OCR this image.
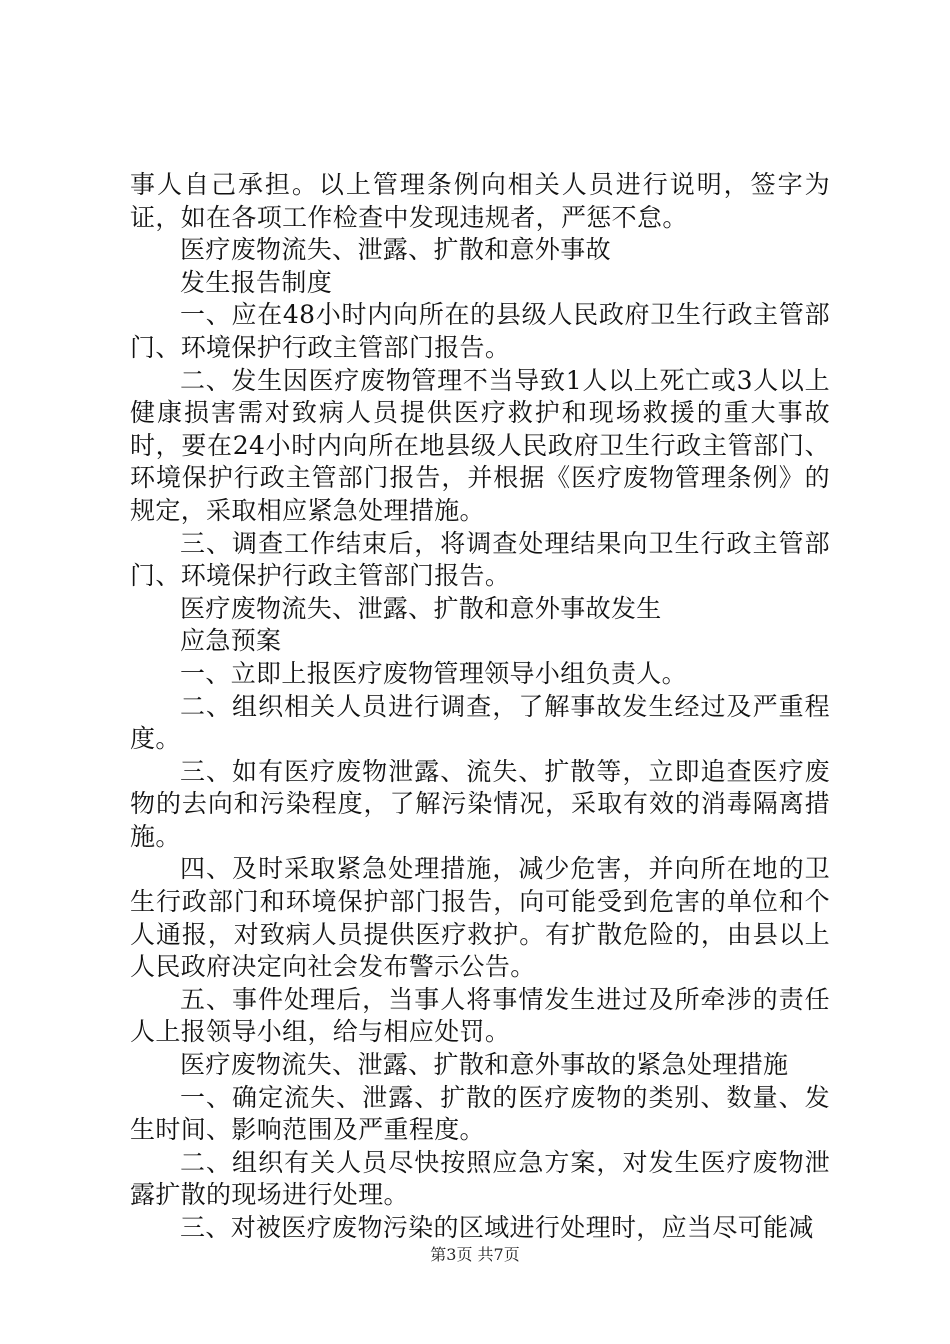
事人自己承担。以上管理条例向相关人员进行说明，签字为证，如在各项工作检查中发现违规者，严惩不怠。

医疗废物流失、泄露、扩散和意外事故

发生报告制度

一、应在48小时内向所在的县级人民政府卫生行政主管部门、环境保护行政主管部门报告。

二、发生因医疗废物管理不当导致1人以上死亡或3人以上健康损害需对致病人员提供医疗救护和现场救援的重大事故时，要在24小时内向所在地县级人民政府卫生行政主管部门、环境保护行政主管部门报告，并根据《医疗废物管理条例》的规定，采取相应紧急处理措施。

三、调查工作结束后，将调查处理结果向卫生行政主管部门、环境保护行政主管部门报告。

医疗废物流失、泄露、扩散和意外事故发生

应急预案

一、立即上报医疗废物管理领导小组负责人。

二、组织相关人员进行调查，了解事故发生经过及严重程度。

三、如有医疗废物泄露、流失、扩散等，立即追查医疗废物的去向和污染程度，了解污染情况，采取有效的消毒隔离措施。

四、及时采取紧急处理措施，减少危害，并向所在地的卫生行政部门和环境保护部门报告，向可能受到危害的单位和个人通报，对致病人员提供医疗救护。有扩散危险的，由县以上人民政府决定向社会发布警示公告。

五、事件处理后，当事人将事情发生进过及所牵涉的责任人上报领导小组，给与相应处罚。

医疗废物流失、泄露、扩散和意外事故的紧急处理措施

一、确定流失、泄露、扩散的医疗废物的类别、数量、发生时间、影响范围及严重程度。

二、组织有关人员尽快按照应急方案，对发生医疗废物泄露扩散的现场进行处理。

三、对被医疗废物污染的区域进行处理时，应当尽可能减

第3页 共7页
